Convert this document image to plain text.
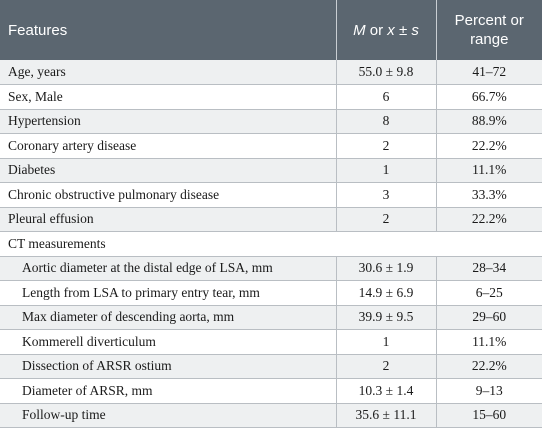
Features	M or x ± s	Percent or
range
Age, years	55.0 ± 9.8	41–72
Sex, Male	6	66.7%
Hypertension	8	88.9%
Coronary artery disease	2	22.2%
Diabetes	1	11.1%
Chronic obstructive pulmonary disease	3	33.3%
Pleural effusion	2	22.2%
CT measurements		
Aortic diameter at the distal edge of LSA, mm	30.6 ± 1.9	28–34
Length from LSA to primary entry tear, mm	14.9 ± 6.9	6–25
Max diameter of descending aorta, mm	39.9 ± 9.5	29–60
Kommerell diverticulum	1	11.1%
Dissection of ARSR ostium	2	22.2%
Diameter of ARSR, mm	10.3 ± 1.4	9–13
Follow-up time	35.6 ± 11.1	15–60
